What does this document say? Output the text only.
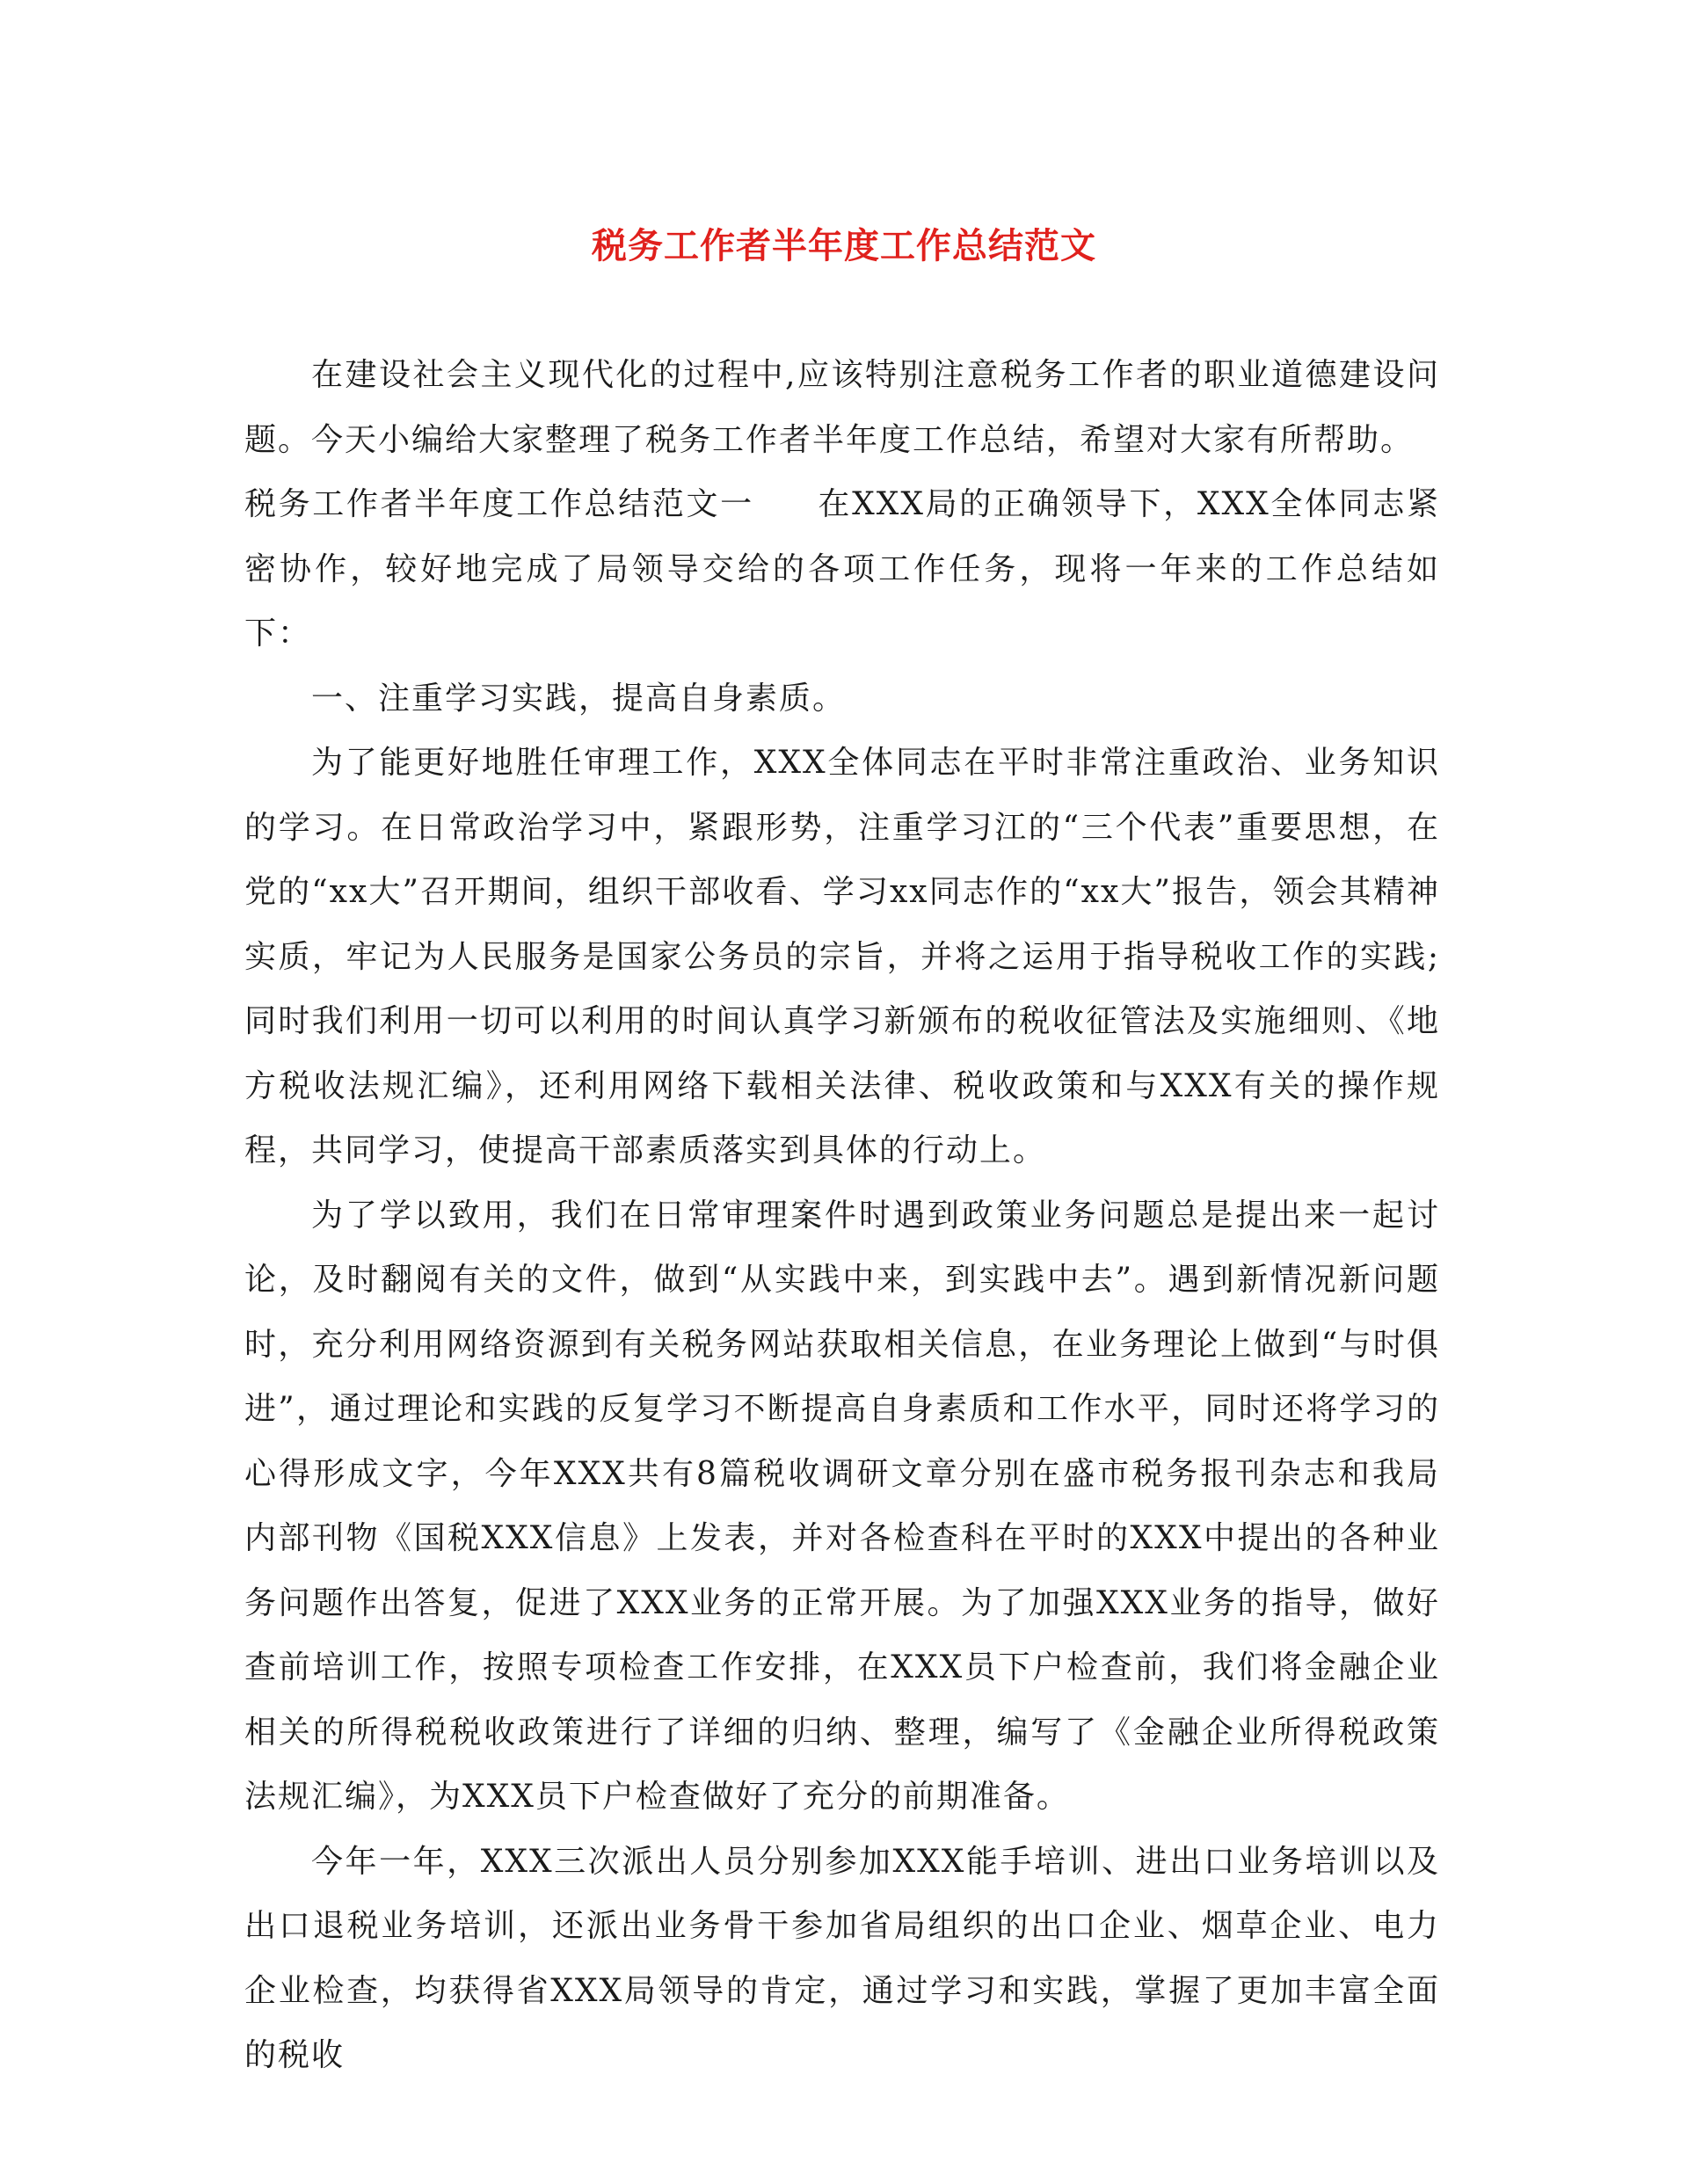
税务工作者半年度工作总结范文

在建设社会主义现代化的过程中,应该特别注意税务工作者的职业道德建设问题。今天小编给大家整理了税务工作者半年度工作总结，希望对大家有所帮助。

税务工作者半年度工作总结范文一 在XXX局的正确领导下，XXX全体同志紧密协作，较好地完成了局领导交给的各项工作任务，现将一年来的工作总结如下：

一、注重学习实践，提高自身素质。

为了能更好地胜任审理工作，XXX全体同志在平时非常注重政治、业务知识的学习。在日常政治学习中，紧跟形势，注重学习江的“三个代表”重要思想，在党的“xx大”召开期间，组织干部收看、学习xx同志作的“xx大”报告，领会其精神实质，牢记为人民服务是国家公务员的宗旨，并将之运用于指导税收工作的实践;同时我们利用一切可以利用的时间认真学习新颁布的税收征管法及实施细则、《地方税收法规汇编》，还利用网络下载相关法律、税收政策和与XXX有关的操作规程，共同学习，使提高干部素质落实到具体的行动上。

为了学以致用，我们在日常审理案件时遇到政策业务问题总是提出来一起讨论，及时翻阅有关的文件，做到“从实践中来，到实践中去”。遇到新情况新问题时，充分利用网络资源到有关税务网站获取相关信息，在业务理论上做到“与时俱进”，通过理论和实践的反复学习不断提高自身素质和工作水平，同时还将学习的心得形成文字，今年XXX共有8篇税收调研文章分别在盛市税务报刊杂志和我局内部刊物《国税XXX信息》上发表，并对各检查科在平时的XXX中提出的各种业务问题作出答复，促进了XXX业务的正常开展。为了加强XXX业务的指导，做好查前培训工作，按照专项检查工作安排，在XXX员下户检查前，我们将金融企业相关的所得税税收政策进行了详细的归纳、整理，编写了《金融企业所得税政策法规汇编》，为XXX员下户检查做好了充分的前期准备。

今年一年，XXX三次派出人员分别参加XXX能手培训、进出口业务培训以及出口退税业务培训，还派出业务骨干参加省局组织的出口企业、烟草企业、电力企业检查，均获得省XXX局领导的肯定，通过学习和实践，掌握了更加丰富全面的税收
